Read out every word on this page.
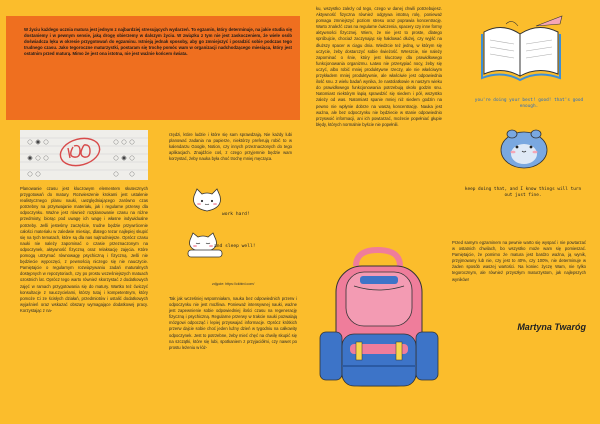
W życiu każdego ucznia matura jest jednym z najbardziej stresujących wydarzeń. To egzamin, który determinuje, na jakie studia się dostaniemy i w pewnym sensie, jaką drogę obierzemy w dalszym życiu. W związku z tym nie jest zaskoczeniem, że wiele osób doświadcza lęku w okresie przygotowań do egzaminu. Istnieją jednak sposoby, aby go zmniejszyć i poradzić sobie podczas tego trudnego czasu. Jako tegoroczne maturzystki, postaram się trochę pomóc wam w organizacji nadchodzącego miesiąca, który jest ostatnim przed maturą. Mimo że jest ona istotna, nie jest ważnie końcem świata.
Planowanie czasu jest kluczowym elementem skutecznych przygotowań do matury. Rozwieszenie krokami jest ustalenie realistycznego planu nauki, uwzględniającego zarówno czas potrzebny na przyswajanie materiału, jak i regularne przerwy dla odpoczynku. Ważne jest również rozplanowanie czasu na różne przedmioty, biorąc pod uwagę ich wagę i własne indywidualne potrzeby. Jeśli jesteśmy zaczęście, trudne będzie przywrócenie całości materiału w zaledwie miesiąc, dlatego tezar najlepiej skupić się na tych tematach, które są dla nas najtrudniejsze. Oprócz czasu nauki nie należy zapominać o czasie przeznaczonym na odpoczynek, aktywność fizyczną oraz relaksację zajęcia. Które pomogą utrzymać równowagę psychiczną i fizyczną. Jeśli nie będziecie wypoczęci, z pewnością niczego się nie nauczycie. Pamiętajcie o regularnym rozwiązywaniu zadań maturalnych dostępnych w repozytoriach, czy po prostu wcześniejszych matuach ozostnich lat. Oprócz tego warto również skorzystać z dodatkowych zajęć w ramach przygotowania się do matury. Wartko też ćwiczyć konsultacje z nauczycielami, którzy tutaj i kompetentnym, który pomoże Ci ze ścisłych działań, przedmiotów i ustalić dodatkowych wyjaśnień oraz wskazać obszary wymagające dodatkowej pracy. Korzystając z na-
rzędzi, które ludzie i które się sam sprawdzają. Nie każdy lubi planować zadania na papierze, niektórzy preferują robić to w kalendarzu Google, Notion, czy innych przeznaczonych do tego aplikacjach. Znajdźcie coś, z czego przyjemnie będzie wam korzystać, żeby nauka była choć trochę mniej męcząca.
Tak jak wcześniej wspomniałam, nauka bez odpowiednich przerw i odpoczynku nie jest możliwa. Ponieważ intensywnej nauki, ważne jest zapewnienie sobie odpowiedniej ilości czasu na regenerację fizyczną i psychiczną. Regularne przerwy w trakcie nauki pozwalają mózgowi odpocząć i lepiej przyswajać informacje. Oprócz krótkich przerw dajcie sobie choć jeden luźny dzień w tygodniu na całkowity odpoczynek. Jest to potrzebne, żeby mieć chęć na chwilę skupić się na szczątki, które się lubi, spotkaniem z przyjaciółmi, czy nawet po prostu leżeniu w łóż-
ku, wszystko zależy od tego, czego w danej chwili potrzebujesz. Aktywność fizyczna również odgrywa istotną rolę, ponieważ pomaga zmniejszyć poziom stresu oraz poprawia koncentrację. Warto znaleźć czas na regularne ćwiczenia, spacery czy inne formy aktywności fizycznej. Wiem, że nie jest to proste, dlatego spróbujcie, chociaż zaczynając się hałdować dłużej, czy wyjść na dłuższy spacer w ciągu dnia. Wiedzcie też jedną, w którym się uczycie, żeby dostarczyć sobie świeżość. Wreszcie, nie należy zapominać o śnie, który jest kluczowy dla prawidłowego funkcjonowania organizmu. Łatwo nie przesypiać nocy, żeby się uczyć, albo robić mniej produktywne rzeczy, ale nie właściwym przykładem mniej produktywnie, ale właściwie jest odpowiednia ilość snu. 2 wielu badań wynika, że nastolatkowie w naszym wieku do prawidłowego funkcjonowania potrzebują około godzin snu. Natomiast niektórym łapią sprawdzić się siedem i pół, wszystko zależy od was. Natomiast spanie mniej niż siedem godzin na pewno nie wpłynie dobrze na waszą koncentrację. Nauka jest ważna, ale bez odpoczynku nie będziecie w stanie odpowiednio przyswoić informacji, ani ich powtarzać, możecie popełniać głupie błędy, których normalnie byście nie popełnili.
Przed samym egzaminem na pewnie warto się wyspać i nie powtarzać w ostatnich chwilach, bo wszystko może wam się pomieszać. Pamiętajcie, że pomimo że matura jest bardzo ważna, ją wynik, przyjmowany lub nie, czy jest to 40%, czy 100%, nie determinuje w żaden sposób waszej wartości. Na koniec życzę Wam, nie tylko tegorocznym, ale również przyszłym maturzystom, jak najlepszych wyników!
work hard!
and sleep well!
zdjęcie: https://ckbird.com/
you're doing your best! good! that's good enough.
keep doing that, and I know things will turn out just fine.
Martyna Twaróg
